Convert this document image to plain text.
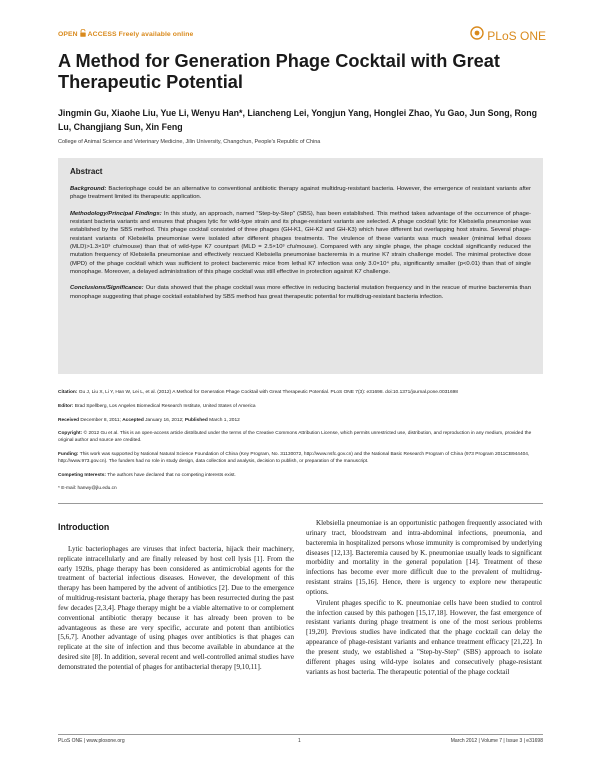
OPEN ACCESS Freely available online	PLoS ONE
A Method for Generation Phage Cocktail with Great Therapeutic Potential
Jingmin Gu, Xiaohe Liu, Yue Li, Wenyu Han*, Liancheng Lei, Yongjun Yang, Honglei Zhao, Yu Gao, Jun Song, Rong Lu, Changjiang Sun, Xin Feng
College of Animal Science and Veterinary Medicine, Jilin University, Changchun, People's Republic of China
Abstract

Background: Bacteriophage could be an alternative to conventional antibiotic therapy against multidrug-resistant bacteria. However, the emergence of resistant variants after phage treatment limited its therapeutic application.

Methodology/Principal Findings: In this study, an approach, named "Step-by-Step" (SBS), has been established. This method takes advantage of the occurrence of phage-resistant bacteria variants and ensures that phages lytic for wild-type strain and its phage-resistant variants are selected. A phage cocktail lytic for Klebsiella pneumoniae was established by the SBS method. This phage cocktail consisted of three phages (GH-K1, GH-K2 and GH-K3) which have different but overlapping host strains. Several phage-resistant variants of Klebsiella pneumoniae were isolated after different phages treatments. The virulence of these variants was much weaker (minimal lethal doses (MLD)>1.3×10⁹ cfu/mouse) than that of wild-type K7 countpart (MLD = 2.5×10³ cfu/mouse). Compared with any single phage, the phage cocktail significantly reduced the mutation frequency of Klebsiella pneumoniae and effectively rescued Klebsiella pneumoniae bacteremia in a murine K7 strain challenge model. The minimal protective dose (MPD) of the phage cocktail which was sufficient to protect bacteremic mice from lethal K7 infection was only 3.0×10⁴ pfu, significantly smaller (p<0.01) than that of single monophage. Moreover, a delayed administration of this phage cocktail was still effective in protection against K7 challenge.

Conclusions/Significance: Our data showed that the phage cocktail was more effective in reducing bacterial mutation frequency and in the rescue of murine bacteremia than monophage suggesting that phage cocktail established by SBS method has great therapeutic potential for multidrug-resistant bacteria infection.

Citation: Gu J, Liu X, Li Y, Han W, Lei L, et al. (2012) A Method for Generation Phage Cocktail with Great Therapeutic Potential. PLoS ONE 7(3): e31698. doi:10.1371/journal.pone.0031698
Editor: Brad Spellberg, Los Angeles Biomedical Research Institute, United States of America
Received December 8, 2011; Accepted January 16, 2012; Published March 1, 2012
Copyright: © 2012 Gu et al. This is an open-access article distributed under the terms of the Creative Commons Attribution License, which permits unrestricted use, distribution, and reproduction in any medium, provided the original author and source are credited.
Funding: This work was supported by National Natural Science Foundation of China (Key Program, No. 31130072, http://www.nsfc.gov.cn) and the National Basic Research Program of China (973 Program 2011CB944404, http://www.973.gov.cn). The funders had no role in study design, data collection and analysis, decision to publish, or preparation of the manuscript.
Competing Interests: The authors have declared that no competing interests exist.
* E-mail: hanwy@jlu.edu.cn
Introduction

Lytic bacteriophages are viruses that infect bacteria, hijack their machinery, replicate intracellularly and are finally released by host cell lysis [1]. From the early 1920s, phage therapy has been considered as antimicrobial agents for the treatment of bacterial infectious diseases. However, the development of this therapy has been hampered by the advent of antibiotics [2]. Due to the emergence of multidrug-resistant bacteria, phage therapy has been resurrected during the past few decades [2,3,4]. Phage therapy might be a viable alternative to or complement conventional antibiotic therapy because it has already been proven to be advantageous as these are very specific, accurate and potent than antibiotics [5,6,7]. Another advantage of using phages over antibiotics is that phages can replicate at the site of infection and thus become available in abundance at the desired site [8]. In addition, several recent and well-controlled animal studies have demonstrated the potential of phages for antibacterial therapy [9,10,11].

Klebsiella pneumoniae is an opportunistic pathogen frequently associated with urinary tract, bloodstream and intra-abdominal infections, pneumonia, and bacteremia in hospitalized persons whose immunity is compromised by underlying diseases [12,13]. Bacteremia caused by K. pneumoniae usually leads to significant morbidity and mortality in the general population [14]. Treatment of these infections has become ever more difficult due to the prevalent of multidrug-resistant strains [15,16]. Hence, there is urgency to explore new therapeutic options.

Virulent phages specific to K. pneumoniae cells have been studied to control the infection caused by this pathogen [15,17,18]. However, the fast emergence of resistant variants during phage treatment is one of the most serious problems [19,20]. Previous studies have indicated that the phage cocktail can delay the appearance of phage-resistant variants and enhance treatment efficacy [21,22]. In the present study, we established a "Step-by-Step" (SBS) approach to isolate different phages using wild-type isolates and consecutively phage-resistant variants as host bacteria. The therapeutic potential of the phage cocktail

PLoS ONE | www.plosone.org	1	March 2012 | Volume 7 | Issue 3 | e31698
